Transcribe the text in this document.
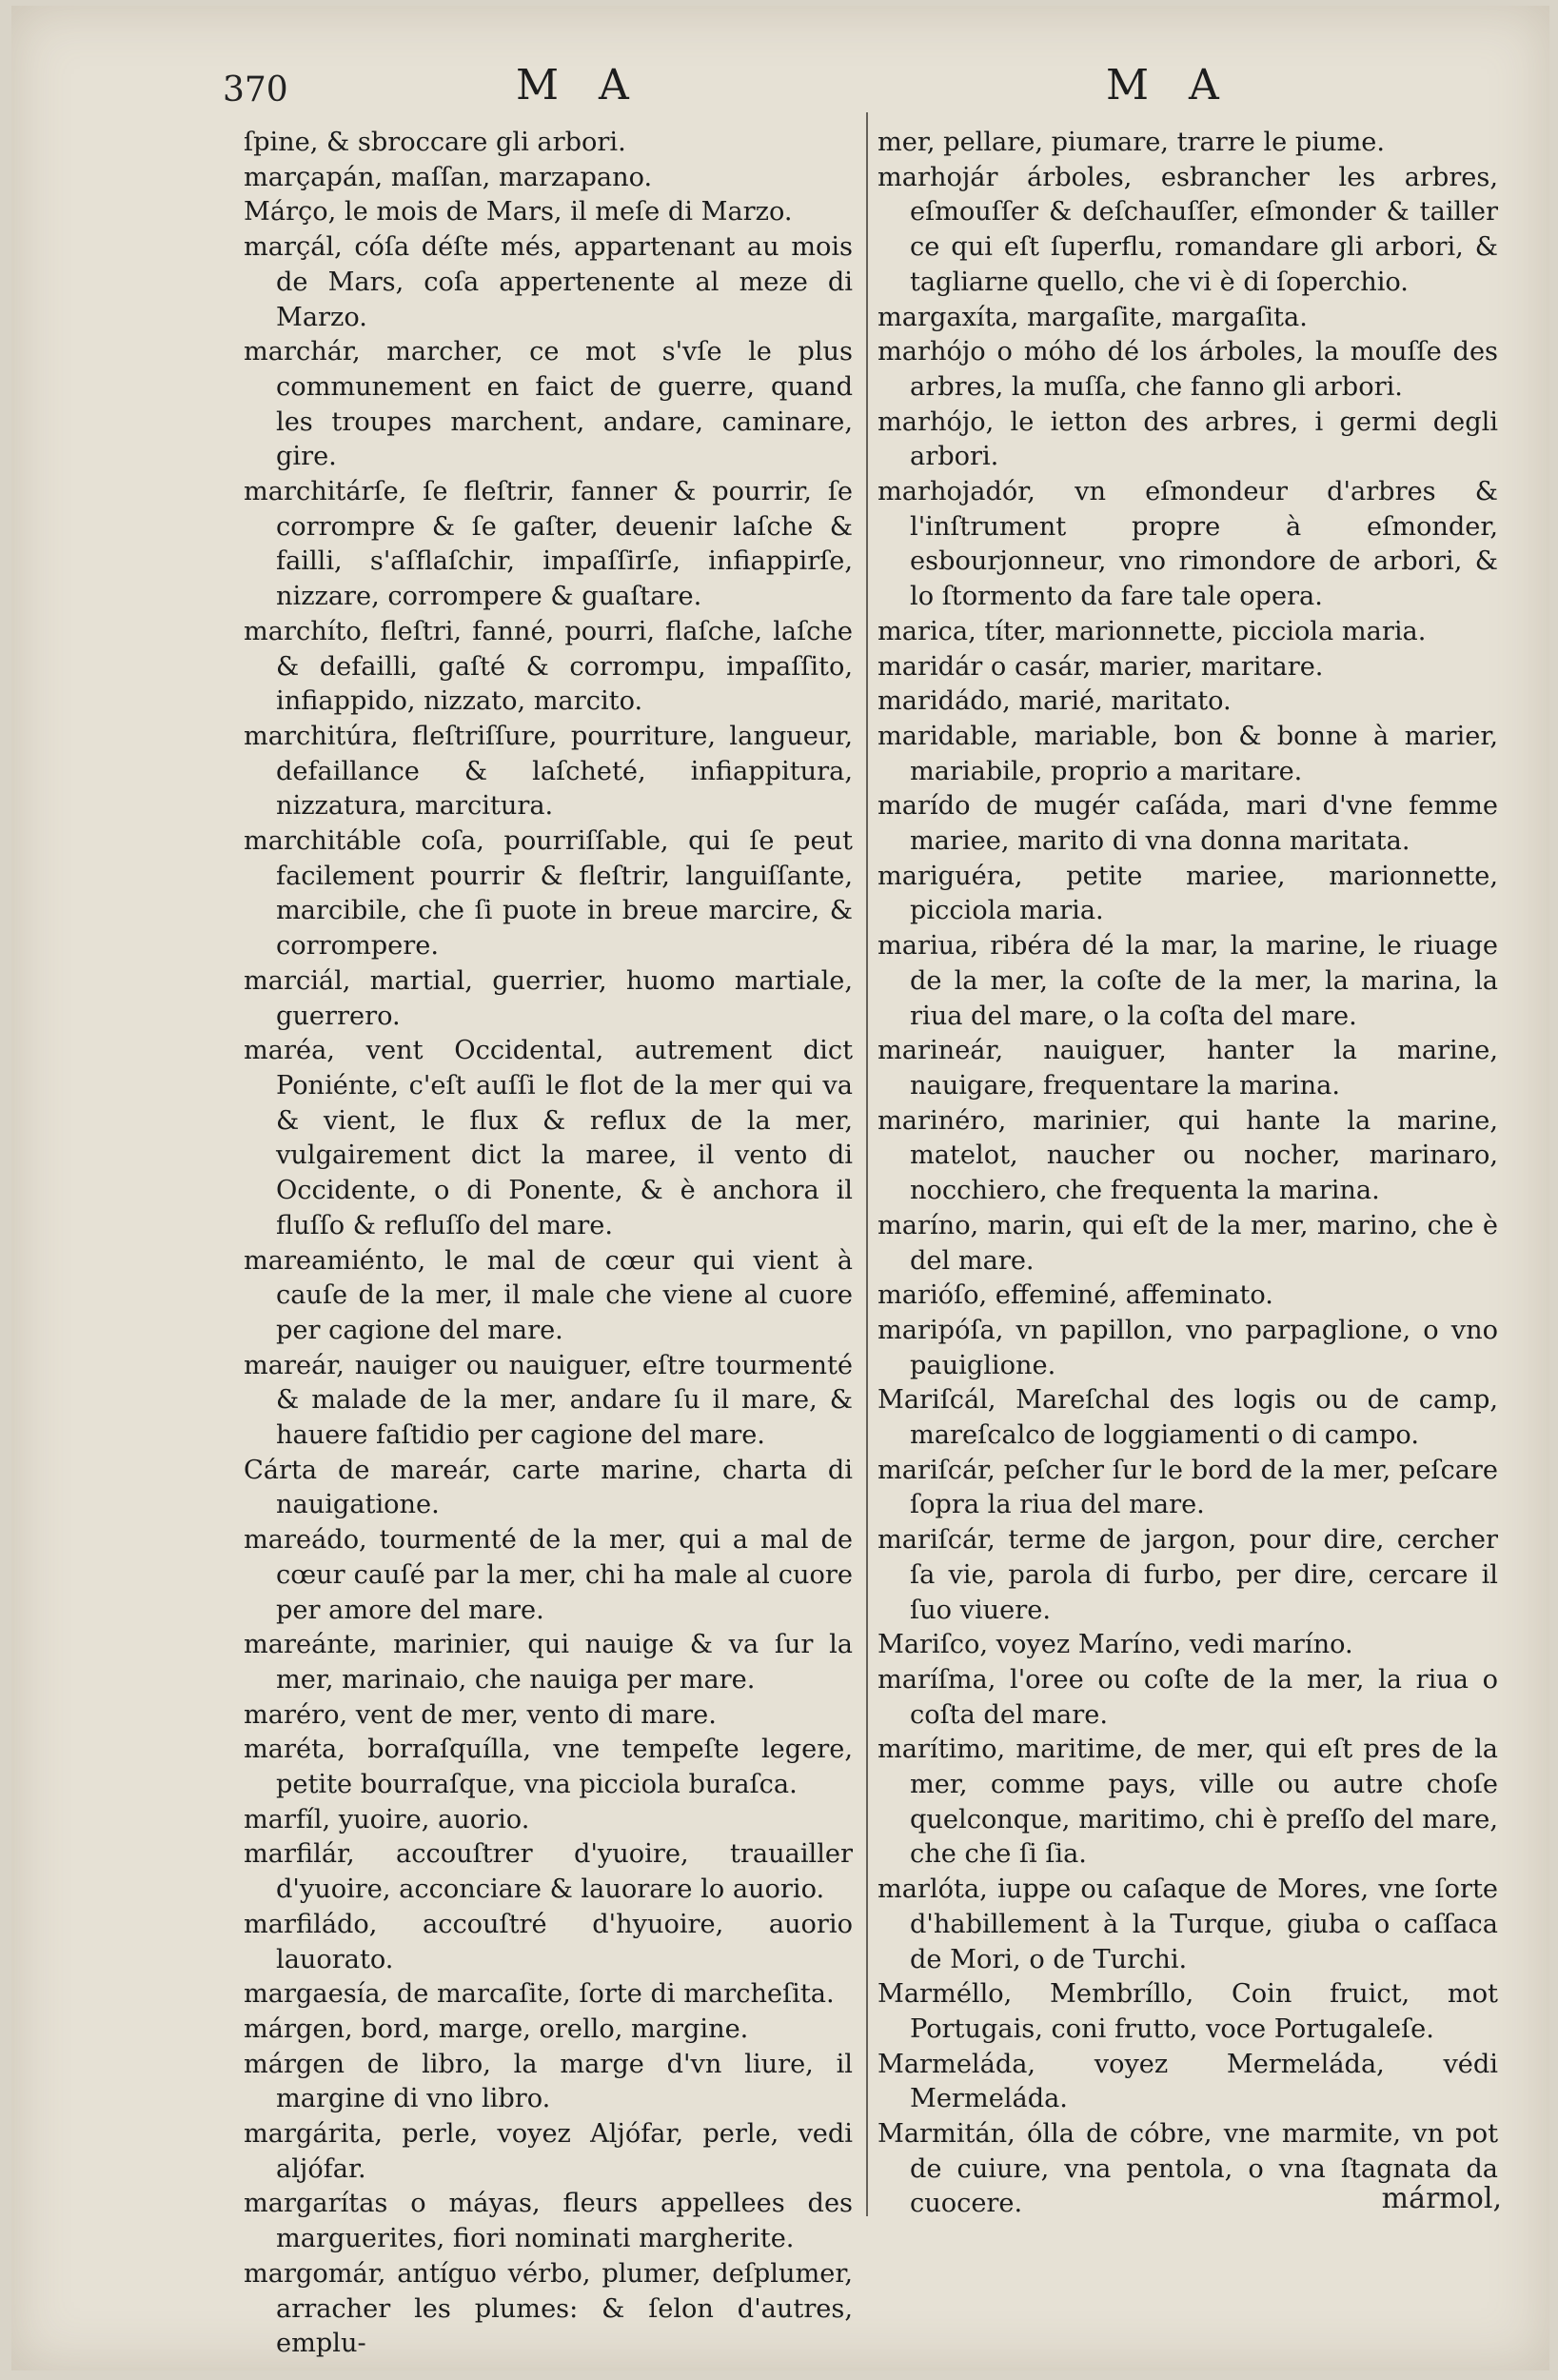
370	M A	M A

ſpine, & sbroccare gli arbori.

marçapán, maſſan, marzapano.

Márço, le mois de Mars, il meſe di Marzo.

marçál, cóſa déſte més, appartenant au mois de Mars, coſa appertenente al meze di Marzo.

marchár, marcher, ce mot s'vſe le plus communement en faict de guerre, quand les troupes marchent, andare, caminare, gire.

marchitárſe, ſe fleſtrir, fanner & pourrir, ſe corrompre & ſe gaſter, deuenir laſche & failli, s'aſflaſchir, impaſſirſe, infiappirſe, nizzare, corrompere & guaſtare.

marchíto, fleſtri, fanné, pourri, flaſche, laſche & defailli, gaſté & corrompu, impaſſito, infiappido, nizzato, marcito.

marchitúra, fleſtriſſure, pourriture, langueur, defaillance & laſcheté, infiappitura, nizzatura, marcitura.

marchitáble coſa, pourriſſable, qui ſe peut facilement pourrir & fleſtrir, languiſſante, marcibile, che ſi puote in breue marcire, & corrompere.

marciál, martial, guerrier, huomo martiale, guerrero.

maréa, vent Occidental, autrement dict Poniénte, c'eſt auſſi le flot de la mer qui va & vient, le flux & reflux de la mer, vulgairement dict la maree, il vento di Occidente, o di Ponente, & è anchora il fluſſo & refluſſo del mare.

mareamiénto, le mal de cœur qui vient à cauſe de la mer, il male che viene al cuore per cagione del mare.

mareár, nauiger ou nauiguer, eſtre tourmenté & malade de la mer, andare ſu il mare, & hauere faſtidio per cagione del mare.

Cárta de mareár, carte marine, charta di nauigatione.

mareádo, tourmenté de la mer, qui a mal de cœur cauſé par la mer, chi ha male al cuore per amore del mare.

mareánte, marinier, qui nauige & va ſur la mer, marinaio, che nauiga per mare.

maréro, vent de mer, vento di mare.

maréta, borraſquílla, vne tempeſte legere, petite bourraſque, vna picciola buraſca.

marfíl, yuoire, auorio.

marfilár, accouſtrer d'yuoire, trauailler d'yuoire, acconciare & lauorare lo auorio.

marfiládo, accouſtré d'hyuoire, auorio lauorato.

margaesía, de marcaſite, ſorte di marcheſita.

márgen, bord, marge, orello, margine.

márgen de libro, la marge d'vn liure, il margine di vno libro.

margárita, perle, voyez Aljófar, perle, vedi aljófar.

margarítas o máyas, fleurs appellees des marguerites, fiori nominati margherite.

margomár, antíguo vérbo, plumer, deſplumer, arracher les plumes: & ſelon d'autres, emplu-

mer, pellare, piumare, trarre le piume.

marhojár árboles, esbrancher les arbres, eſmouſſer & deſchauſſer, eſmonder & tailler ce qui eſt ſuperflu, romandare gli arbori, & tagliarne quello, che vi è di ſoperchio.

margaxíta, margaſite, margaſita.

marhójo o móho dé los árboles, la mouſſe des arbres, la muſſa, che fanno gli arbori.

marhójo, le ietton des arbres, i germi degli arbori.

marhojadór, vn eſmondeur d'arbres & l'inſtrument propre à eſmonder, esbourjonneur, vno rimondore de arbori, & lo ſtormento da fare tale opera.

marica, títer, marionnette, picciola maria.

maridár o casár, marier, maritare.

maridádo, marié, maritato.

maridable, mariable, bon & bonne à marier, mariabile, proprio a maritare.

marído de mugér caſáda, mari d'vne femme mariee, marito di vna donna maritata.

mariguéra, petite mariee, marionnette, picciola maria.

mariua, ribéra dé la mar, la marine, le riuage de la mer, la coſte de la mer, la marina, la riua del mare, o la coſta del mare.

marineár, nauiguer, hanter la marine, nauigare, frequentare la marina.

marinéro, marinier, qui hante la marine, matelot, naucher ou nocher, marinaro, nocchiero, che frequenta la marina.

maríno, marin, qui eſt de la mer, marino, che è del mare.

marióſo, effeminé, affeminato.

maripóſa, vn papillon, vno parpaglione, o vno pauiglione.

Mariſcál, Mareſchal des logis ou de camp, mareſcalco de loggiamenti o di campo.

mariſcár, peſcher ſur le bord de la mer, peſcare ſopra la riua del mare.

mariſcár, terme de jargon, pour dire, cercher ſa vie, parola di furbo, per dire, cercare il ſuo viuere.

Mariſco, voyez Maríno, vedi maríno.

maríſma, l'oree ou coſte de la mer, la riua o coſta del mare.

marítimo, maritime, de mer, qui eſt pres de la mer, comme pays, ville ou autre choſe quelconque, maritimo, chi è preſſo del mare, che che ſi ſia.

marlóta, iuppe ou caſaque de Mores, vne ſorte d'habillement à la Turque, giuba o caſſaca de Mori, o de Turchi.

Marméllo, Membríllo, Coin fruict, mot Portugais, coni frutto, voce Portugaleſe.

Marmeláda, voyez Mermeláda, védi Mermeláda.

Marmitán, ólla de cóbre, vne marmite, vn pot de cuiure, vna pentola, o vna ſtagnata da cuocere.	mármol,
